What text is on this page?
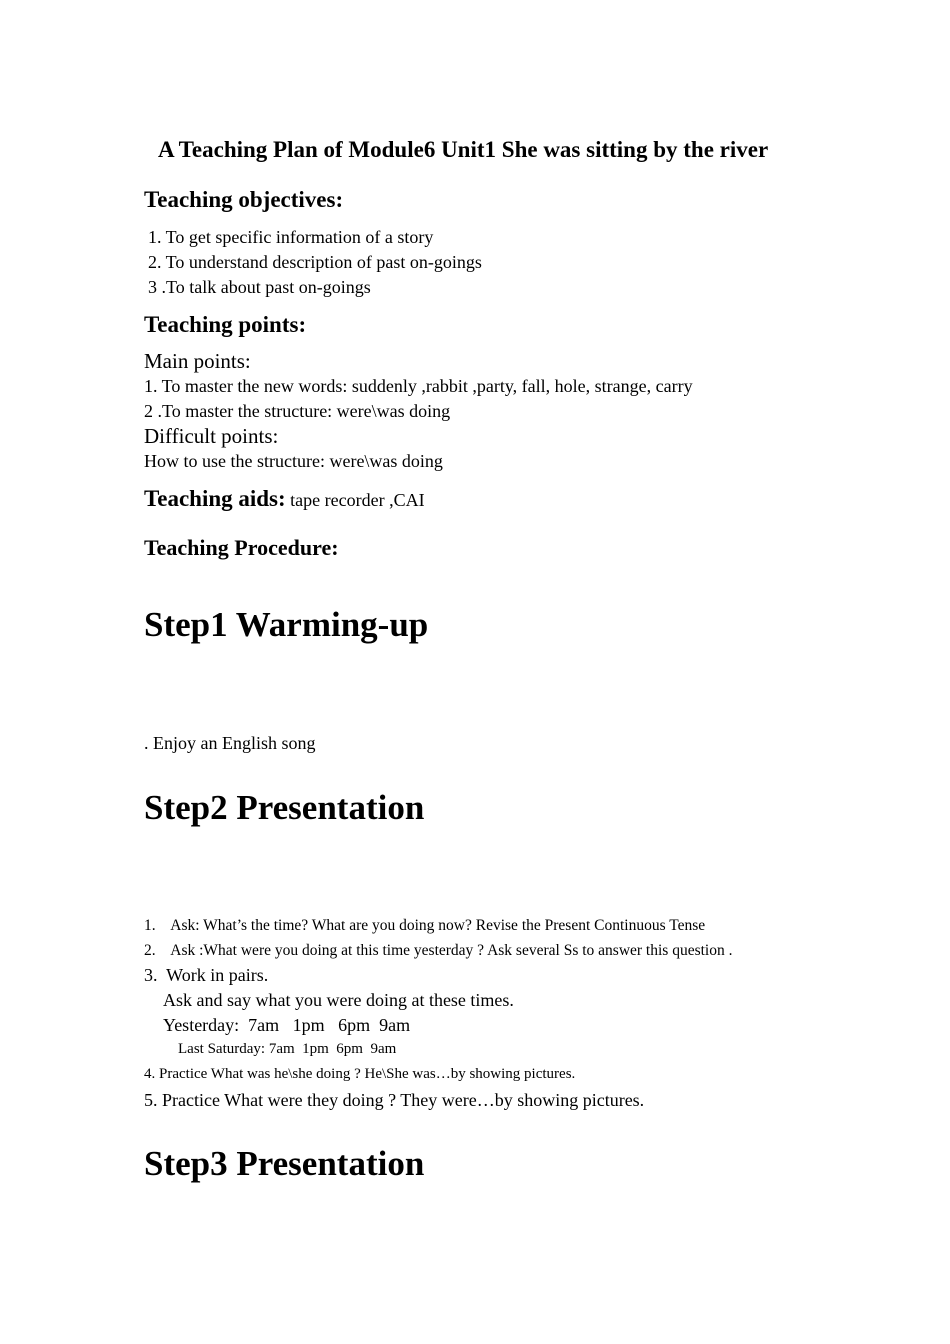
A Teaching Plan of Module6 Unit1 She was sitting by the river
Teaching objectives:
1. To get specific information of a story
2. To understand description of past on-goings
3 .To talk about past on-goings
Teaching points:
Main points:
1. To master the new words: suddenly ,rabbit ,party, fall, hole, strange, carry
2 .To master the structure: were\was doing
Difficult points:
How to use the structure: were\was doing
Teaching aids: tape recorder ,CAI
Teaching Procedure:
Step1 Warming-up
. Enjoy an English song
Step2 Presentation
1.    Ask: What’s the time? What are you doing now? Revise the Present Continuous Tense
2.    Ask :What were you doing at this time yesterday ? Ask several Ss to answer this question .
3.  Work in pairs.
Ask and say what you were doing at these times.
Yesterday:  7am   1pm   6pm  9am
Last Saturday: 7am  1pm  6pm  9am
4. Practice What was he\she doing ? He\She was…by showing pictures.
5. Practice What were they doing ? They were…by showing pictures.
Step3 Presentation
